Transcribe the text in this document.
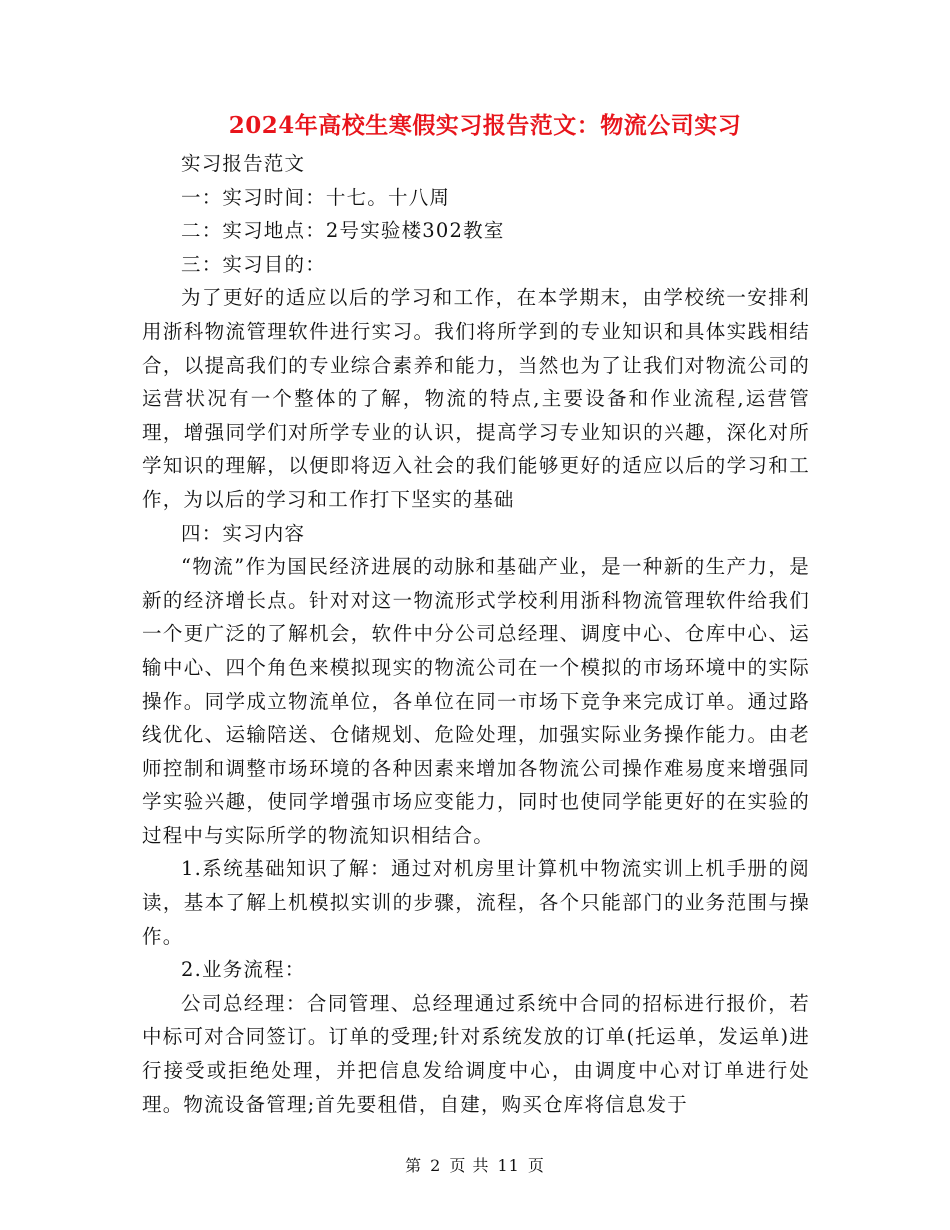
2024年高校生寒假实习报告范文：物流公司实习

实习报告范文

一：实习时间：十七。十八周

二：实习地点：2号实验楼302教室

三：实习目的：

为了更好的适应以后的学习和工作，在本学期末，由学校统一安排利用浙科物流管理软件进行实习。我们将所学到的专业知识和具体实践相结合，以提高我们的专业综合素养和能力，当然也为了让我们对物流公司的运营状况有一个整体的了解，物流的特点,主要设备和作业流程,运营管理，增强同学们对所学专业的认识，提高学习专业知识的兴趣，深化对所学知识的理解，以便即将迈入社会的我们能够更好的适应以后的学习和工作，为以后的学习和工作打下坚实的基础

四：实习内容

“物流”作为国民经济进展的动脉和基础产业，是一种新的生产力，是新的经济增长点。针对对这一物流形式学校利用浙科物流管理软件给我们一个更广泛的了解机会，软件中分公司总经理、调度中心、仓库中心、运输中心、四个角色来模拟现实的物流公司在一个模拟的市场环境中的实际操作。同学成立物流单位，各单位在同一市场下竞争来完成订单。通过路线优化、运输陪送、仓储规划、危险处理，加强实际业务操作能力。由老师控制和调整市场环境的各种因素来增加各物流公司操作难易度来增强同学实验兴趣，使同学增强市场应变能力，同时也使同学能更好的在实验的过程中与实际所学的物流知识相结合。

1.系统基础知识了解：通过对机房里计算机中物流实训上机手册的阅读，基本了解上机模拟实训的步骤，流程，各个只能部门的业务范围与操作。

2.业务流程：

公司总经理：合同管理、总经理通过系统中合同的招标进行报价，若中标可对合同签订。订单的受理;针对系统发放的订单(托运单，发运单)进行接受或拒绝处理，并把信息发给调度中心，由调度中心对订单进行处理。物流设备管理;首先要租借，自建，购买仓库将信息发于

第 2 页 共 11 页
